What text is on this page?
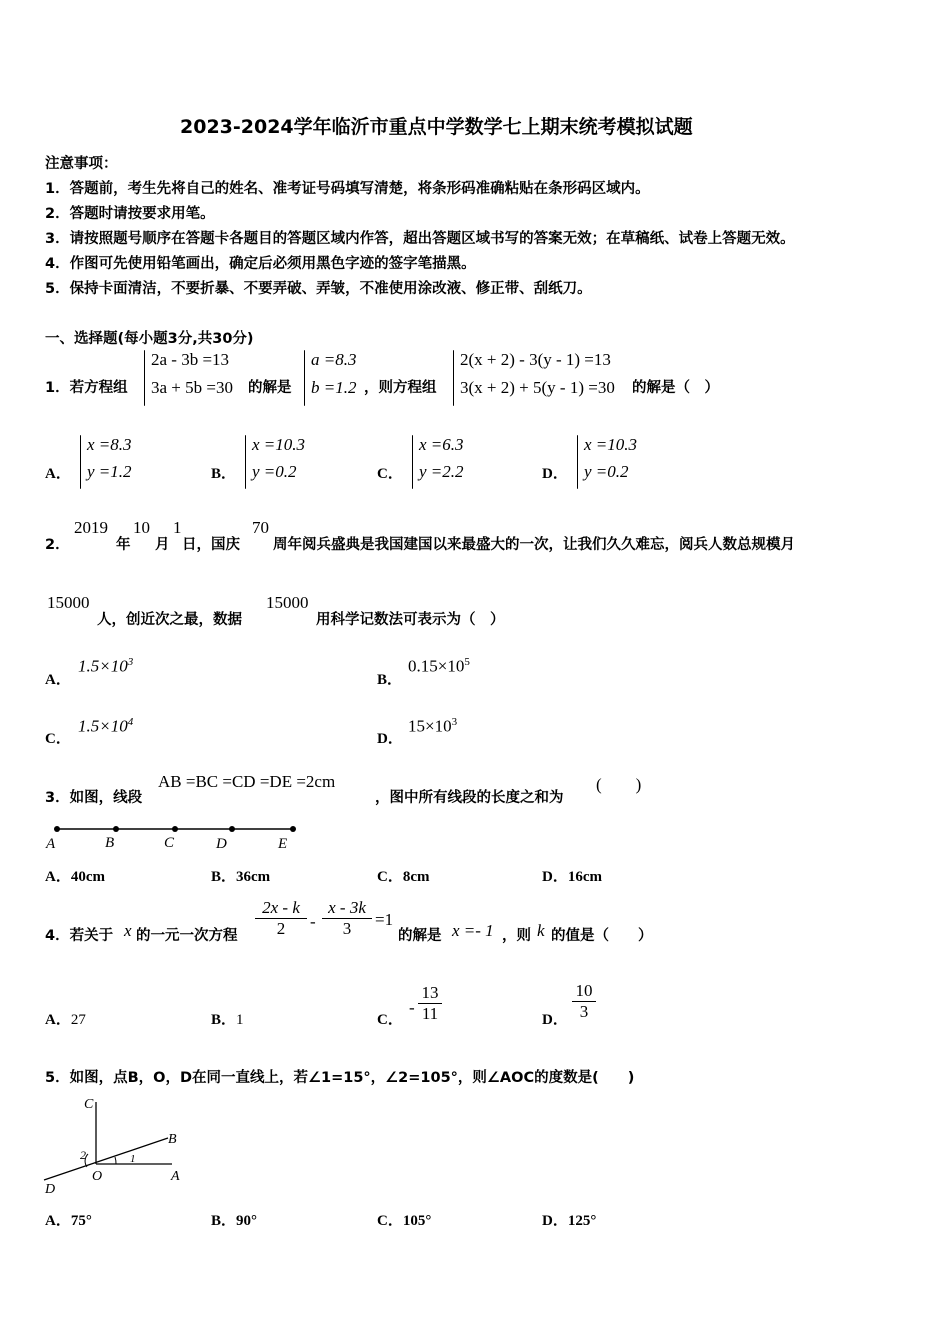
2023-2024学年临沂市重点中学数学七上期末统考模拟试题
注意事项：
1．答题前，考生先将自己的姓名、准考证号码填写清楚，将条形码准确粘贴在条形码区域内。
2．答题时请按要求用笔。
3．请按照题号顺序在答题卡各题目的答题区域内作答，超出答题区域书写的答案无效；在草稿纸、试卷上答题无效。
4．作图可先使用铅笔画出，确定后必须用黑色字迹的签字笔描黑。
5．保持卡面清洁，不要折暴、不要弄破、弄皱，不准使用涂改液、修正带、刮纸刀。
一、选择题(每小题3分,共30分)
1．若方程组
2a - 3b =13
3a + 5b =30 的解是
a =8.3
b =1.2 ，则方程组
2(x + 2) - 3(y - 1) =13
3(x + 2) + 5(y - 1) =30 的解是（　）
A．
x =8.3
y =1.2	B．
x =10.3
y =0.2	C．
x =6.3
y =2.2	D．
x =10.3
y =0.2
2．
2019
年
10
月
1
日，国庆
70
周年阅兵盛典是我国建国以来最盛大的一次，让我们久久难忘，阅兵人数总规模月
15000
人，创近次之最，数据
15000
用科学记数法可表示为（　）
A．
$1.5\times 10^3$
B．
$0.15\times 10^5$
C．
$1.5\times 10^4$
D．
$15\times 10^3$
3．如图，线段
AB =BC =CD =DE =2cm
，图中所有线段的长度之和为
(　　)
A	B	C	D	E
A．40cm	B．36cm	C．8cm	D．16cm
4．若关于 x 的一元一次方程 $\frac{2x - k}{2} - \frac{x - 3k}{3} =1$
的解是 x =- 1 ，则 k 的值是（　　）
A．27	B．1	C．
- $\frac{13}{11}$	D． $\frac{10}{3}$
5．如图，点B，O，D在同一直线上，若∠1=15°，∠2=105°，则∠AOC的度数是(　　)
C
B
A
O
D
1
2
A．75°	B．90°	C．105°	D．125°
